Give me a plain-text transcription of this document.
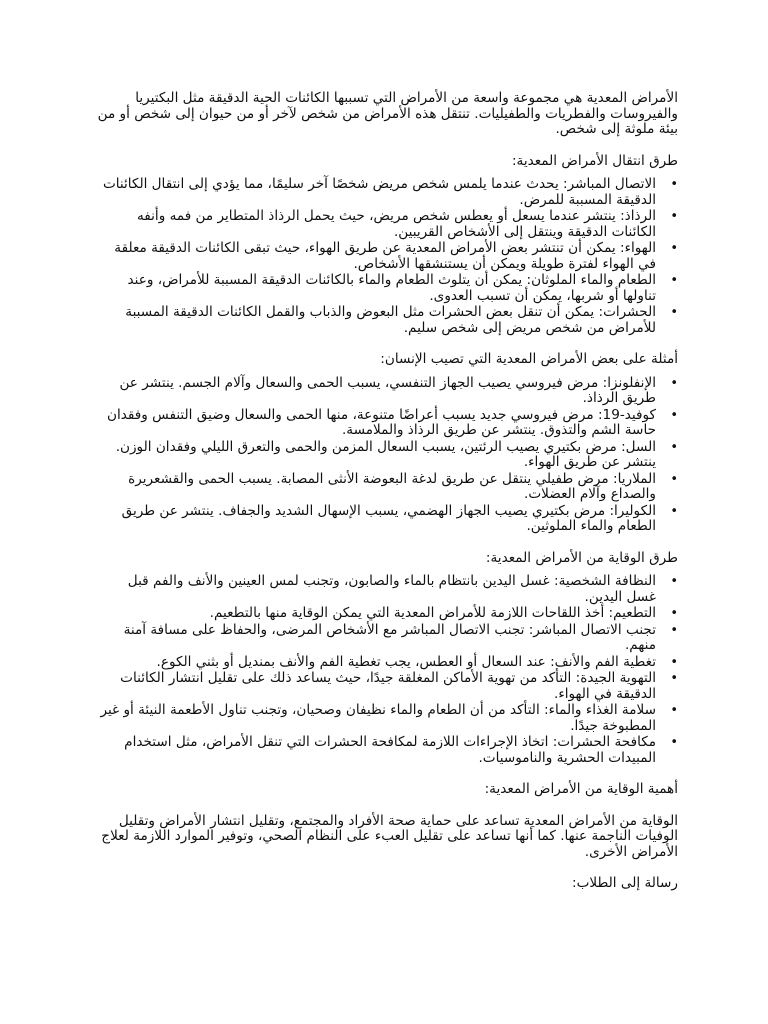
الأمراض المعدية هي مجموعة واسعة من الأمراض التي تسببها الكائنات الحية الدقيقة مثل البكتيريا والفيروسات والفطريات والطفيليات. تنتقل هذه الأمراض من شخص لآخر أو من حيوان إلى شخص أو من بيئة ملوثة إلى شخص.

طرق انتقال الأمراض المعدية:

• الاتصال المباشر: يحدث عندما يلمس شخص مريض شخصًا آخر سليمًا، مما يؤدي إلى انتقال الكائنات الدقيقة المسببة للمرض.
• الرذاذ: ينتشر عندما يسعل أو يعطس شخص مريض، حيث يحمل الرذاذ المتطاير من فمه وأنفه الكائنات الدقيقة وينتقل إلى الأشخاص القريبين.
• الهواء: يمكن أن تنتشر بعض الأمراض المعدية عن طريق الهواء، حيث تبقى الكائنات الدقيقة معلقة في الهواء لفترة طويلة ويمكن أن يستنشقها الأشخاص.
• الطعام والماء الملوثان: يمكن أن يتلوث الطعام والماء بالكائنات الدقيقة المسببة للأمراض، وعند تناولها أو شربها، يمكن أن تسبب العدوى.
• الحشرات: يمكن أن تنقل بعض الحشرات مثل البعوض والذباب والقمل الكائنات الدقيقة المسببة للأمراض من شخص مريض إلى شخص سليم.

أمثلة على بعض الأمراض المعدية التي تصيب الإنسان:

• الإنفلونزا: مرض فيروسي يصيب الجهاز التنفسي، يسبب الحمى والسعال وآلام الجسم. ينتشر عن طريق الرذاذ.
• كوفيد-19: مرض فيروسي جديد يسبب أعراضًا متنوعة، منها الحمى والسعال وضيق التنفس وفقدان حاسة الشم والتذوق. ينتشر عن طريق الرذاذ والملامسة.
• السل: مرض بكتيري يصيب الرئتين، يسبب السعال المزمن والحمى والتعرق الليلي وفقدان الوزن. ينتشر عن طريق الهواء.
• الملاريا: مرض طفيلي ينتقل عن طريق لدغة البعوضة الأنثى المصابة. يسبب الحمى والقشعريرة والصداع وآلام العضلات.
• الكوليرا: مرض بكتيري يصيب الجهاز الهضمي، يسبب الإسهال الشديد والجفاف. ينتشر عن طريق الطعام والماء الملوثين.

طرق الوقاية من الأمراض المعدية:

• النظافة الشخصية: غسل اليدين بانتظام بالماء والصابون، وتجنب لمس العينين والأنف والفم قبل غسل اليدين.
• التطعيم: أخذ اللقاحات اللازمة للأمراض المعدية التي يمكن الوقاية منها بالتطعيم.
• تجنب الاتصال المباشر: تجنب الاتصال المباشر مع الأشخاص المرضى، والحفاظ على مسافة آمنة منهم.
• تغطية الفم والأنف: عند السعال أو العطس، يجب تغطية الفم والأنف بمنديل أو بثني الكوع.
• التهوية الجيدة: التأكد من تهوية الأماكن المغلقة جيدًا، حيث يساعد ذلك على تقليل انتشار الكائنات الدقيقة في الهواء.
• سلامة الغذاء والماء: التأكد من أن الطعام والماء نظيفان وصحيان، وتجنب تناول الأطعمة النيئة أو غير المطبوخة جيدًا.
• مكافحة الحشرات: اتخاذ الإجراءات اللازمة لمكافحة الحشرات التي تنقل الأمراض، مثل استخدام المبيدات الحشرية والناموسيات.

أهمية الوقاية من الأمراض المعدية:

الوقاية من الأمراض المعدية تساعد على حماية صحة الأفراد والمجتمع، وتقليل انتشار الأمراض وتقليل الوفيات الناجمة عنها. كما أنها تساعد على تقليل العبء على النظام الصحي، وتوفير الموارد اللازمة لعلاج الأمراض الأخرى.

رسالة إلى الطلاب:
